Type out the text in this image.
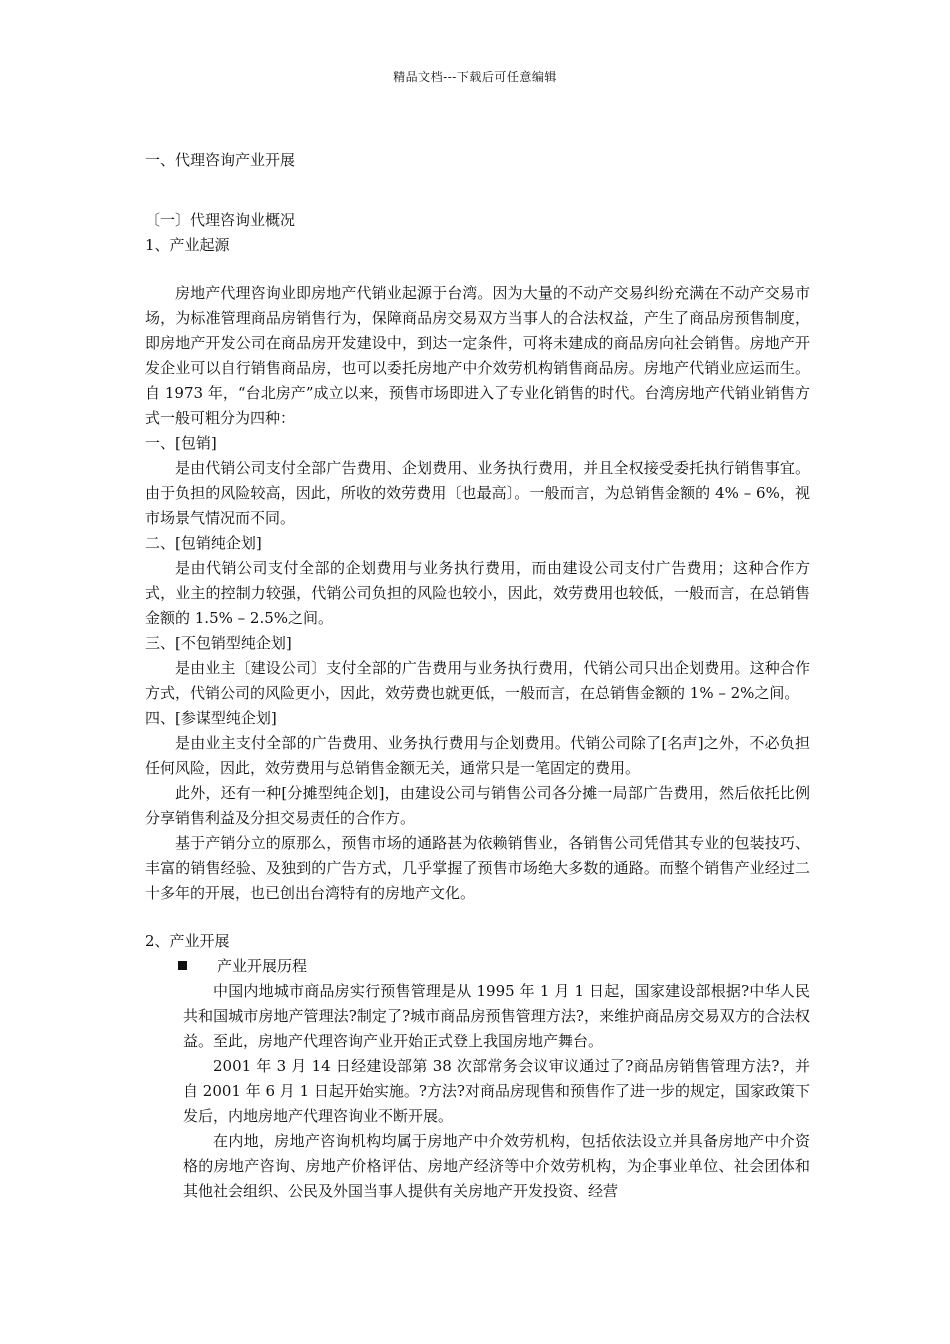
精品文档---下载后可任意编辑

一、代理咨询产业开展

〔一〕代理咨询业概况

1、产业起源

房地产代理咨询业即房地产代销业起源于台湾。因为大量的不动产交易纠纷充满在不动产交易市场，为标准管理商品房销售行为，保障商品房交易双方当事人的合法权益，产生了商品房预售制度，即房地产开发公司在商品房开发建设中，到达一定条件，可将未建成的商品房向社会销售。房地产开发企业可以自行销售商品房，也可以委托房地产中介效劳机构销售商品房。房地产代销业应运而生。自 1973 年，“台北房产”成立以来，预售市场即进入了专业化销售的时代。台湾房地产代销业销售方式一般可粗分为四种：

一、[包销]

是由代销公司支付全部广告费用、企划费用、业务执行费用，并且全权接受委托执行销售事宜。由于负担的风险较高，因此，所收的效劳费用〔也最高〕。一般而言，为总销售金额的 4% – 6%，视市场景气情况而不同。

二、[包销纯企划]

是由代销公司支付全部的企划费用与业务执行费用，而由建设公司支付广告费用；这种合作方式，业主的控制力较强，代销公司负担的风险也较小，因此，效劳费用也较低，一般而言，在总销售金额的 1.5% – 2.5%之间。

三、[不包销型纯企划]

是由业主〔建设公司〕支付全部的广告费用与业务执行费用，代销公司只出企划费用。这种合作方式，代销公司的风险更小，因此，效劳费也就更低，一般而言，在总销售金额的 1% – 2%之间。

四、[参谋型纯企划]

是由业主支付全部的广告费用、业务执行费用与企划费用。代销公司除了[名声]之外，不必负担任何风险，因此，效劳费用与总销售金额无关，通常只是一笔固定的费用。

此外，还有一种[分摊型纯企划]，由建设公司与销售公司各分摊一局部广告费用，然后依托比例分享销售利益及分担交易责任的合作方。

基于产销分立的原那么，预售市场的通路甚为依赖销售业，各销售公司凭借其专业的包装技巧、丰富的销售经验、及独到的广告方式，几乎掌握了预售市场绝大多数的通路。而整个销售产业经过二十多年的开展，也已创出台湾特有的房地产文化。

2、产业开展

产业开展历程

中国内地城市商品房实行预售管理是从 1995 年 1 月 1 日起，国家建设部根据?中华人民共和国城市房地产管理法?制定了?城市商品房预售管理方法?，来维护商品房交易双方的合法权益。至此，房地产代理咨询产业开始正式登上我国房地产舞台。

2001 年 3 月 14 日经建设部第 38 次部常务会议审议通过了?商品房销售管理方法?，并自 2001 年 6 月 1 日起开始实施。?方法?对商品房现售和预售作了进一步的规定，国家政策下发后，内地房地产代理咨询业不断开展。

在内地，房地产咨询机构均属于房地产中介效劳机构，包括依法设立并具备房地产中介资格的房地产咨询、房地产价格评估、房地产经济等中介效劳机构，为企事业单位、社会团体和其他社会组织、公民及外国当事人提供有关房地产开发投资、经营
